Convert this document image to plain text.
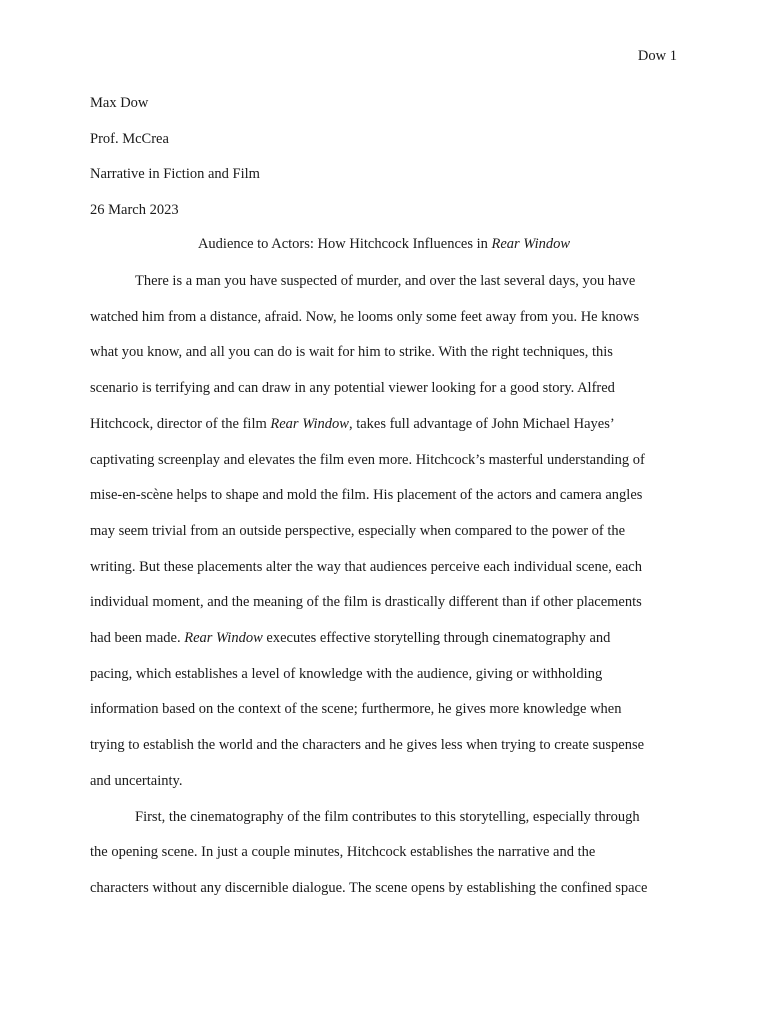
Dow 1
Max Dow
Prof. McCrea
Narrative in Fiction and Film
26 March 2023
Audience to Actors: How Hitchcock Influences in Rear Window
There is a man you have suspected of murder, and over the last several days, you have
watched him from a distance, afraid. Now, he looms only some feet away from you. He knows
what you know, and all you can do is wait for him to strike. With the right techniques, this
scenario is terrifying and can draw in any potential viewer looking for a good story. Alfred
Hitchcock, director of the film Rear Window, takes full advantage of John Michael Hayes’
captivating screenplay and elevates the film even more. Hitchcock’s masterful understanding of
mise-en-scène helps to shape and mold the film. His placement of the actors and camera angles
may seem trivial from an outside perspective, especially when compared to the power of the
writing. But these placements alter the way that audiences perceive each individual scene, each
individual moment, and the meaning of the film is drastically different than if other placements
had been made. Rear Window executes effective storytelling through cinematography and
pacing, which establishes a level of knowledge with the audience, giving or withholding
information based on the context of the scene; furthermore, he gives more knowledge when
trying to establish the world and the characters and he gives less when trying to create suspense
and uncertainty.
First, the cinematography of the film contributes to this storytelling, especially through
the opening scene. In just a couple minutes, Hitchcock establishes the narrative and the
characters without any discernible dialogue. The scene opens by establishing the confined space
